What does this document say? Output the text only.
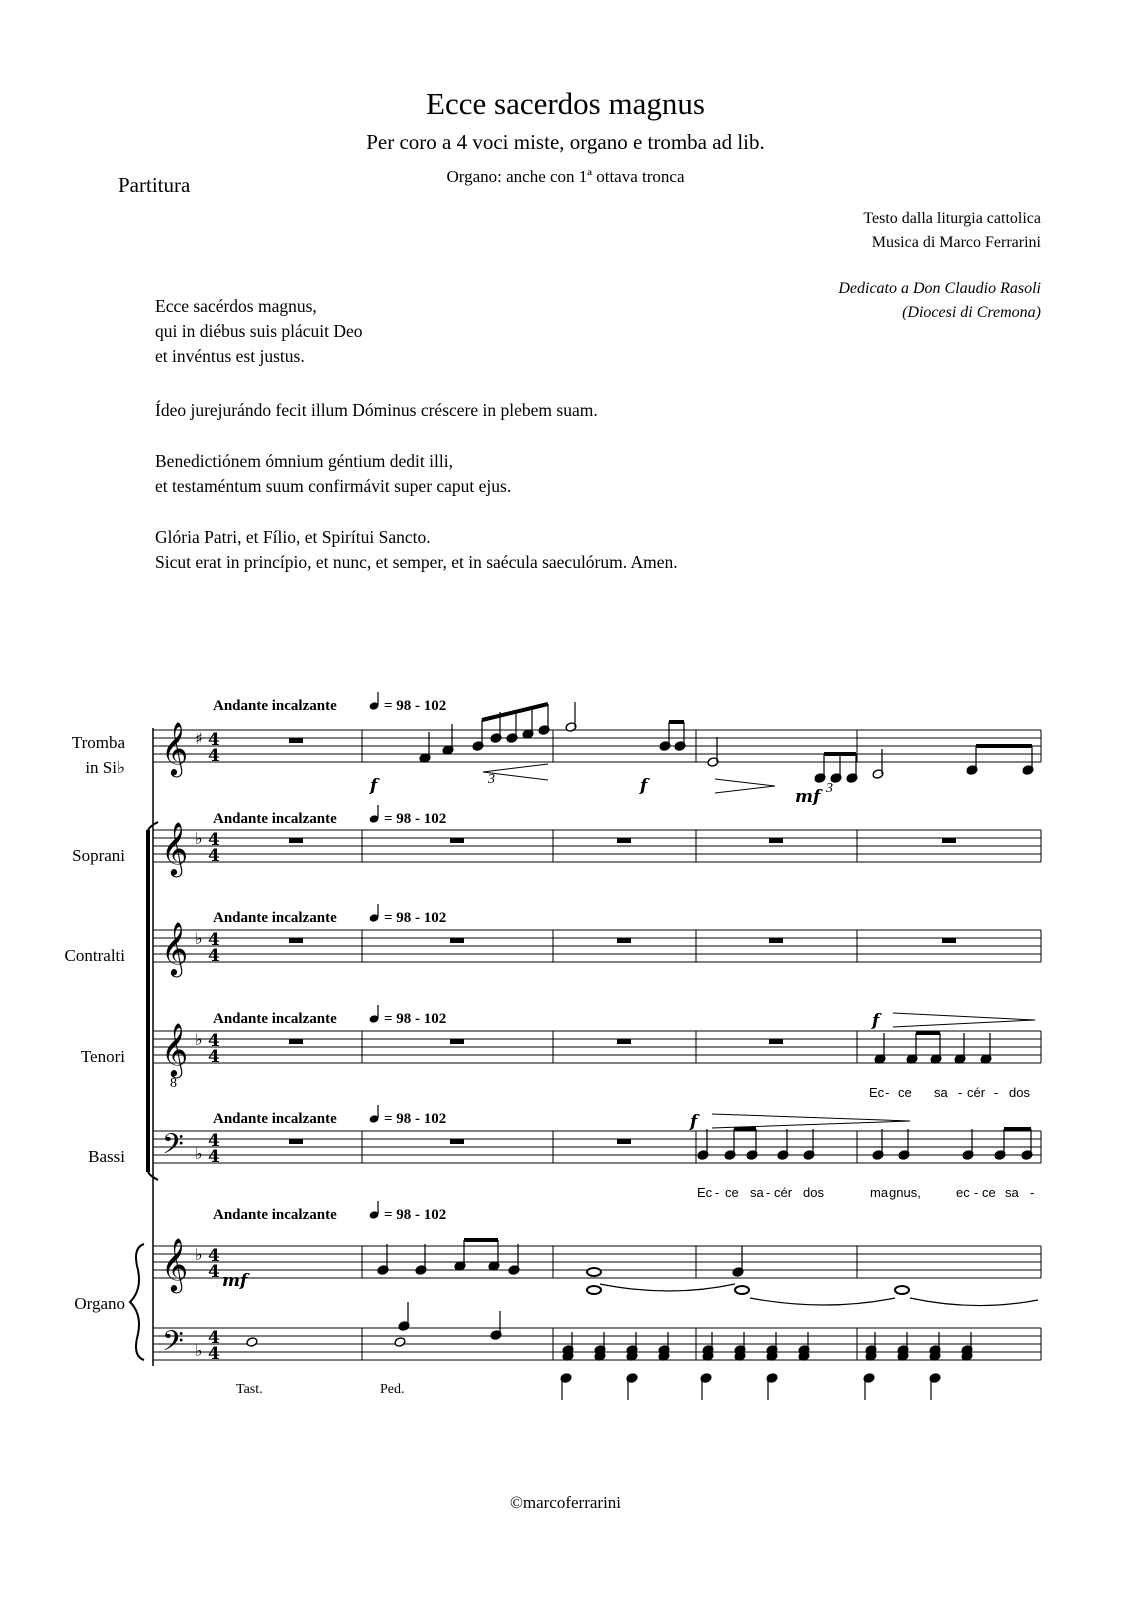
Ecce sacerdos magnus
Per coro a 4 voci miste, organo e tromba ad lib.
Organo: anche con 1ª ottava tronca
Partitura
Testo dalla liturgia cattolica
Musica di Marco Ferrarini
Dedicato a Don Claudio Rasoli
(Diocesi di Cremona)
Ecce sacérdos magnus,
qui in diébus suis plácuit Deo
et invéntus est justus.
Ídeo jurejurándo fecit illum Dóminus créscere in plebem suam.
Benedictiónem ómnium géntium dedit illi,
et testaméntum suum confirmávit super caput ejus.
Glória Patri, et Fílio, et Spirítui Sancto.
Sicut erat in princípio, et nunc, et semper, et in saécula saeculórum. Amen.
Tromba
in Si♭
Soprani
Contralti
Tenori
Bassi
Organo
Andante incalzante	= 98 - 102
Andante incalzante	= 98 - 102
Andante incalzante	= 98 - 102
Andante incalzante	= 98 - 102
Andante incalzante	= 98 - 102
Andante incalzante	= 98 - 102
𝄞 ♯ 4
4
𝄞 ♭ 4
4
𝄞 ♭ 4
4
𝄞 ♭ 4
4
𝄢 ♭
4
4
𝄞 ♭ 4
4
𝄢 ♭
4
4
f	f
mf 3
3
f
f
mf
8
Ec - ce sa - cér - dos
Ec - ce sa - cér dos	ma gnus,	ec - ce sa -
Tast.	Ped.
©marcoferrarini
